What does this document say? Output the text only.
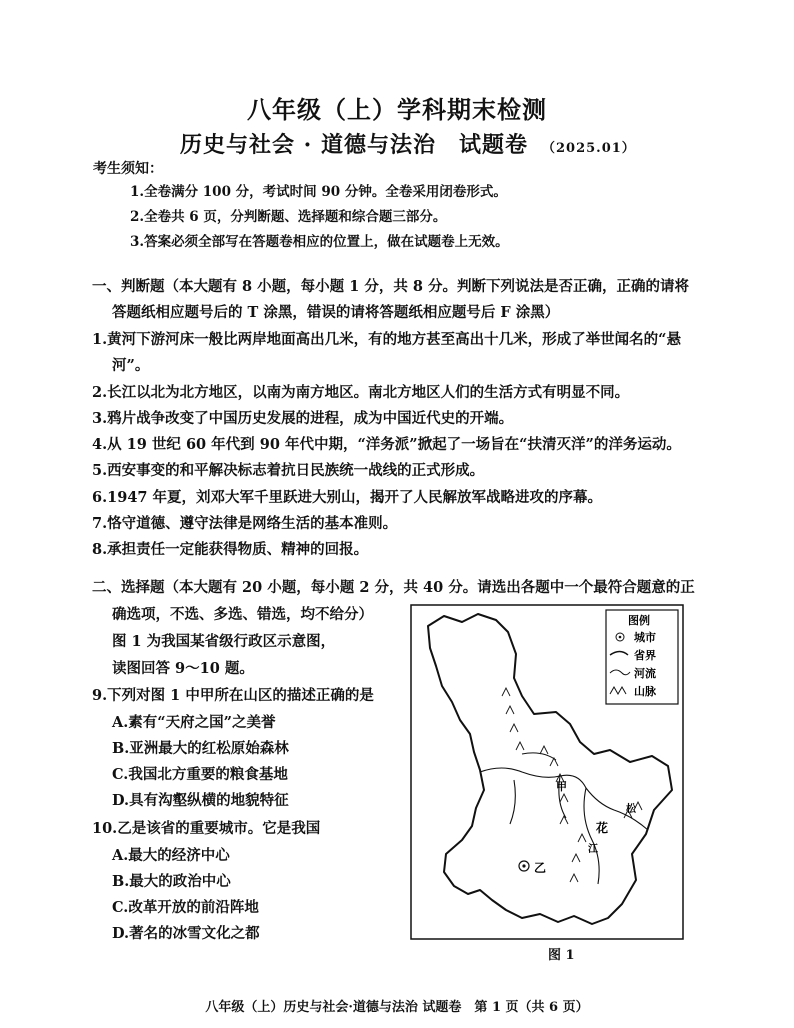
八年级（上）学科期末检测
历史与社会 · 道德与法治　试题卷 （2025.01）
考生须知：
1.全卷满分 100 分，考试时间 90 分钟。全卷采用闭卷形式。
2.全卷共 6 页，分判断题、选择题和综合题三部分。
3.答案必须全部写在答题卷相应的位置上，做在试题卷上无效。
一、判断题（本大题有 8 小题，每小题 1 分，共 8 分。判断下列说法是否正确，正确的请将
答题纸相应题号后的 T 涂黑，错误的请将答题纸相应题号后 F 涂黑）
1.黄河下游河床一般比两岸地面高出几米，有的地方甚至高出十几米，形成了举世闻名的“悬
河”。
2.长江以北为北方地区，以南为南方地区。南北方地区人们的生活方式有明显不同。
3.鸦片战争改变了中国历史发展的进程，成为中国近代史的开端。
4.从 19 世纪 60 年代到 90 年代中期，“洋务派”掀起了一场旨在“扶清灭洋”的洋务运动。
5.西安事变的和平解决标志着抗日民族统一战线的正式形成。
6.1947 年夏，刘邓大军千里跃进大别山，揭开了人民解放军战略进攻的序幕。
7.恪守道德、遵守法律是网络生活的基本准则。
8.承担责任一定能获得物质、精神的回报。
二、选择题（本大题有 20 小题，每小题 2 分，共 40 分。请选出各题中一个最符合题意的正
确选项，不选、多选、错选，均不给分）
图 1 为我国某省级行政区示意图，
读图回答 9～10 题。
9.下列对图 1 中甲所在山区的描述正确的是
A.素有“天府之国”之美誉
B.亚洲最大的红松原始森林
C.我国北方重要的粮食基地
D.具有沟壑纵横的地貌特征
10.乙是该省的重要城市。它是我国
A.最大的经济中心
B.最大的政治中心
C.改革开放的前沿阵地
D.著名的冰雪文化之都
乙
甲
花
江
松
图例
城市
省界
河流
山脉
图 1
八年级（上）历史与社会·道德与法治 试题卷　第 1 页（共 6 页）
